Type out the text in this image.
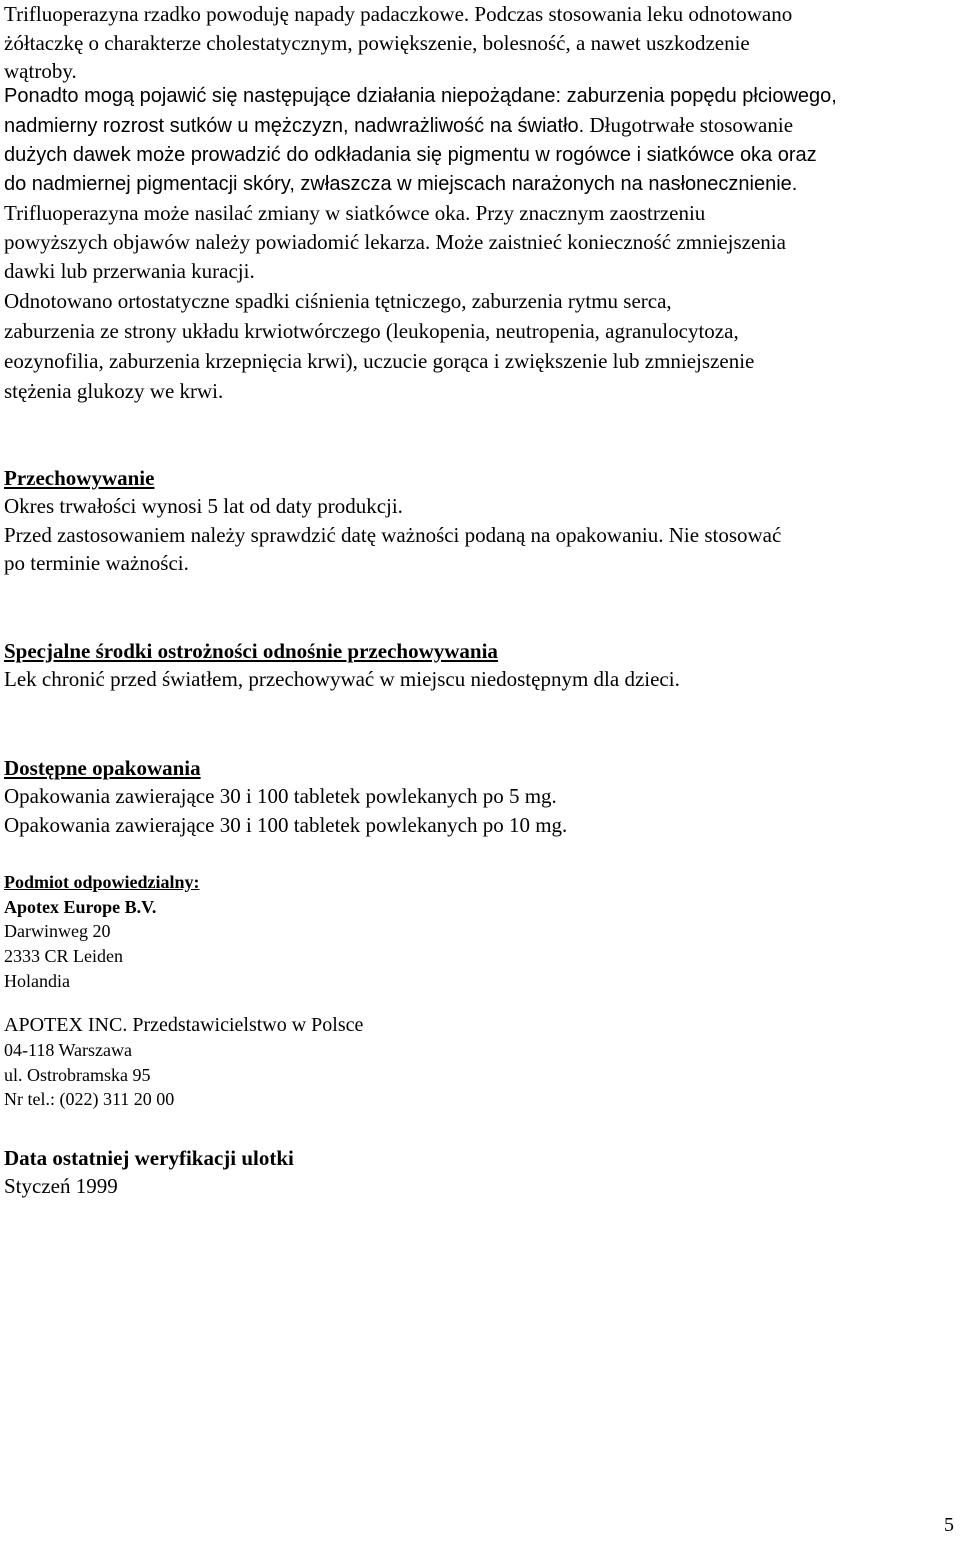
Trifluoperazyna rzadko powoduję napady padaczkowe. Podczas stosowania leku odnotowano

żółtaczkę o charakterze cholestatycznym, powiększenie, bolesność, a nawet uszkodzenie

wątroby.

Ponadto mogą pojawić się następujące działania niepożądane: zaburzenia popędu płciowego,

nadmierny rozrost sutków u mężczyzn, nadwrażliwość na światło. Długotrwałe stosowanie

dużych dawek może prowadzić do odkładania się pigmentu w rogówce i siatkówce oka oraz

do nadmiernej pigmentacji skóry, zwłaszcza w miejscach narażonych na nasłonecznienie.

Trifluoperazyna może nasilać zmiany w siatkówce oka. Przy znacznym zaostrzeniu

powyższych objawów należy powiadomić lekarza. Może zaistnieć konieczność zmniejszenia

dawki lub przerwania kuracji.

Odnotowano ortostatyczne spadki ciśnienia tętniczego, zaburzenia rytmu serca,

zaburzenia ze strony układu krwiotwórczego (leukopenia, neutropenia, agranulocytoza,

eozynofilia, zaburzenia krzepnięcia krwi), uczucie gorąca i zwiększenie lub zmniejszenie

stężenia glukozy we krwi.

Przechowywanie

Okres trwałości wynosi 5 lat od daty produkcji.

Przed zastosowaniem należy sprawdzić datę ważności podaną na opakowaniu. Nie stosować

po terminie ważności.

Specjalne środki ostrożności odnośnie przechowywania

Lek chronić przed światłem, przechowywać w miejscu niedostępnym dla dzieci.

Dostępne opakowania

Opakowania zawierające 30 i 100 tabletek powlekanych po 5 mg.

Opakowania zawierające 30 i 100 tabletek powlekanych po 10 mg.

Podmiot odpowiedzialny:

Apotex Europe B.V.

Darwinweg 20

2333 CR Leiden

Holandia

APOTEX INC. Przedstawicielstwo w Polsce

04-118 Warszawa

ul. Ostrobramska 95

Nr tel.: (022) 311 20 00

Data ostatniej weryfikacji ulotki

Styczeń 1999

5
